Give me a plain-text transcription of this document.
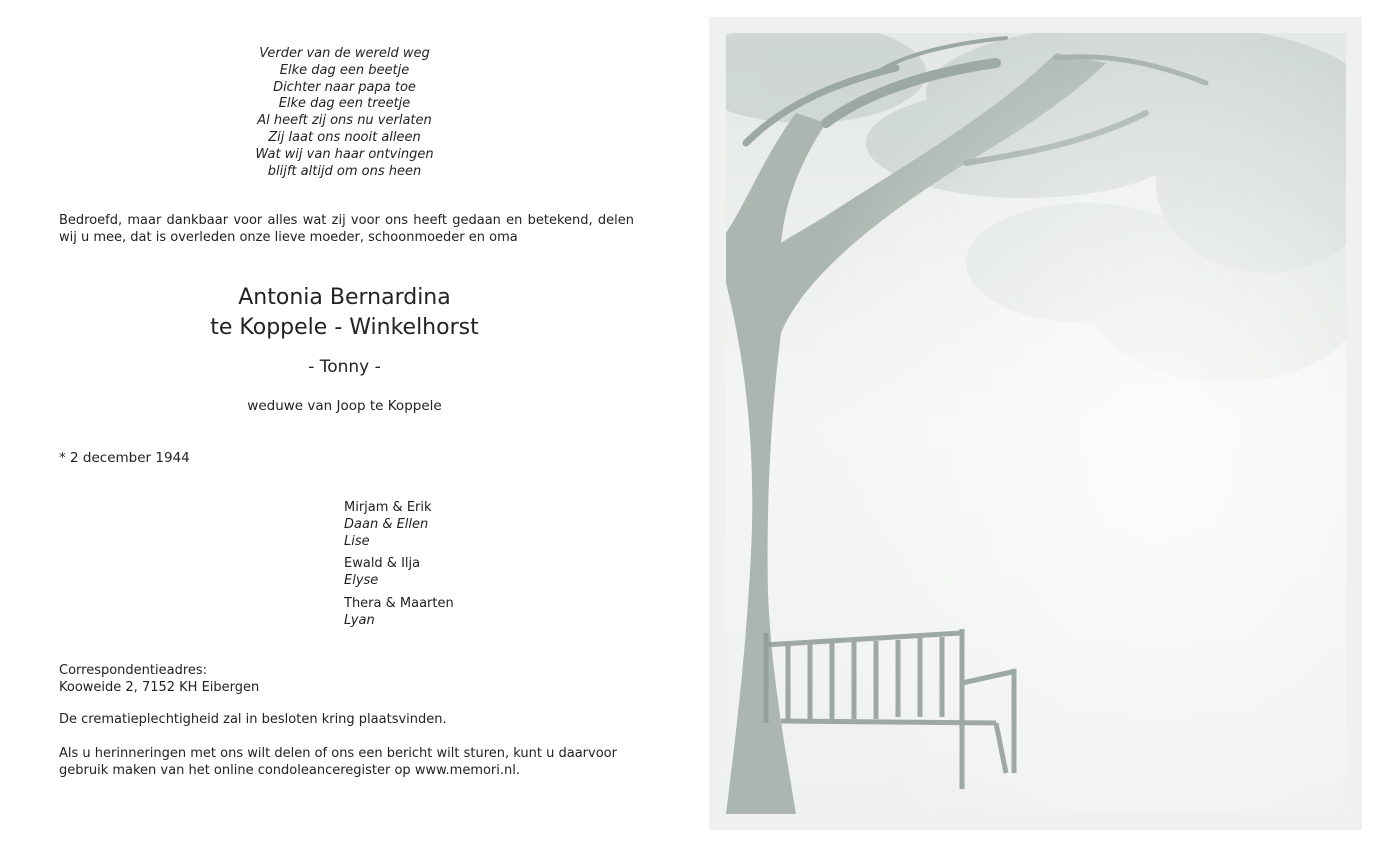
Verder van de wereld weg
Elke dag een beetje
Dichter naar papa toe
Elke dag een treetje
Al heeft zij ons nu verlaten
Zij laat ons nooit alleen
Wat wij van haar ontvingen
blijft altijd om ons heen
Bedroefd, maar dankbaar voor alles wat zij voor ons heeft gedaan en betekend, delen wij u mee, dat is overleden onze lieve moeder, schoonmoeder en oma
Antonia Bernardina
te Koppele - Winkelhorst
- Tonny -
weduwe van Joop te Koppele
* 2 december 1944
Mirjam & Erik
Daan & Ellen
Lise
Ewald & Ilja
Elyse
Thera & Maarten
Lyan
Correspondentieadres:
Kooweide 2, 7152 KH Eibergen
De crematieplechtigheid zal in besloten kring plaatsvinden.
Als u herinneringen met ons wilt delen of ons een bericht wilt sturen, kunt u daarvoor gebruik maken van het online condoleanceregister op www.memori.nl.
